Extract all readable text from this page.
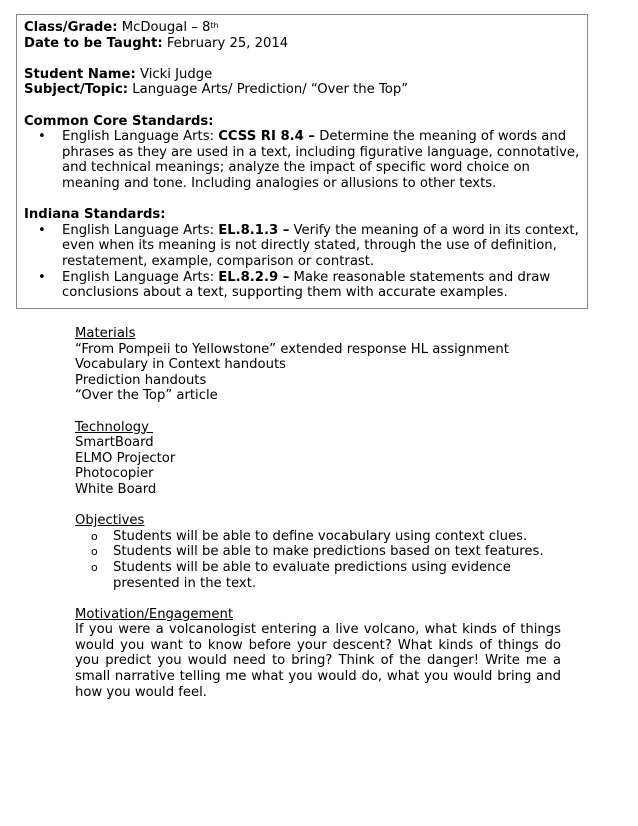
Class/Grade: McDougal – 8th
Date to be Taught: February 25, 2014
Student Name: Vicki Judge
Subject/Topic: Language Arts/ Prediction/ “Over the Top”
Common Core Standards:
• English Language Arts: CCSS RI 8.4 – Determine the meaning of words and phrases as they are used in a text, including figurative language, connotative, and technical meanings; analyze the impact of specific word choice on meaning and tone. Including analogies or allusions to other texts.
Indiana Standards:
• English Language Arts: EL.8.1.3 – Verify the meaning of a word in its context, even when its meaning is not directly stated, through the use of definition, restatement, example, comparison or contrast.
• English Language Arts: EL.8.2.9 – Make reasonable statements and draw conclusions about a text, supporting them with accurate examples.
Materials
“From Pompeii to Yellowstone” extended response HL assignment
Vocabulary in Context handouts
Prediction handouts
“Over the Top” article
Technology
SmartBoard
ELMO Projector
Photocopier
White Board
Objectives
o Students will be able to define vocabulary using context clues.
o Students will be able to make predictions based on text features.
o Students will be able to evaluate predictions using evidence presented in the text.
Motivation/Engagement
If you were a volcanologist entering a live volcano, what kinds of things would you want to know before your descent? What kinds of things do you predict you would need to bring? Think of the danger! Write me a small narrative telling me what you would do, what you would bring and how you would feel.
